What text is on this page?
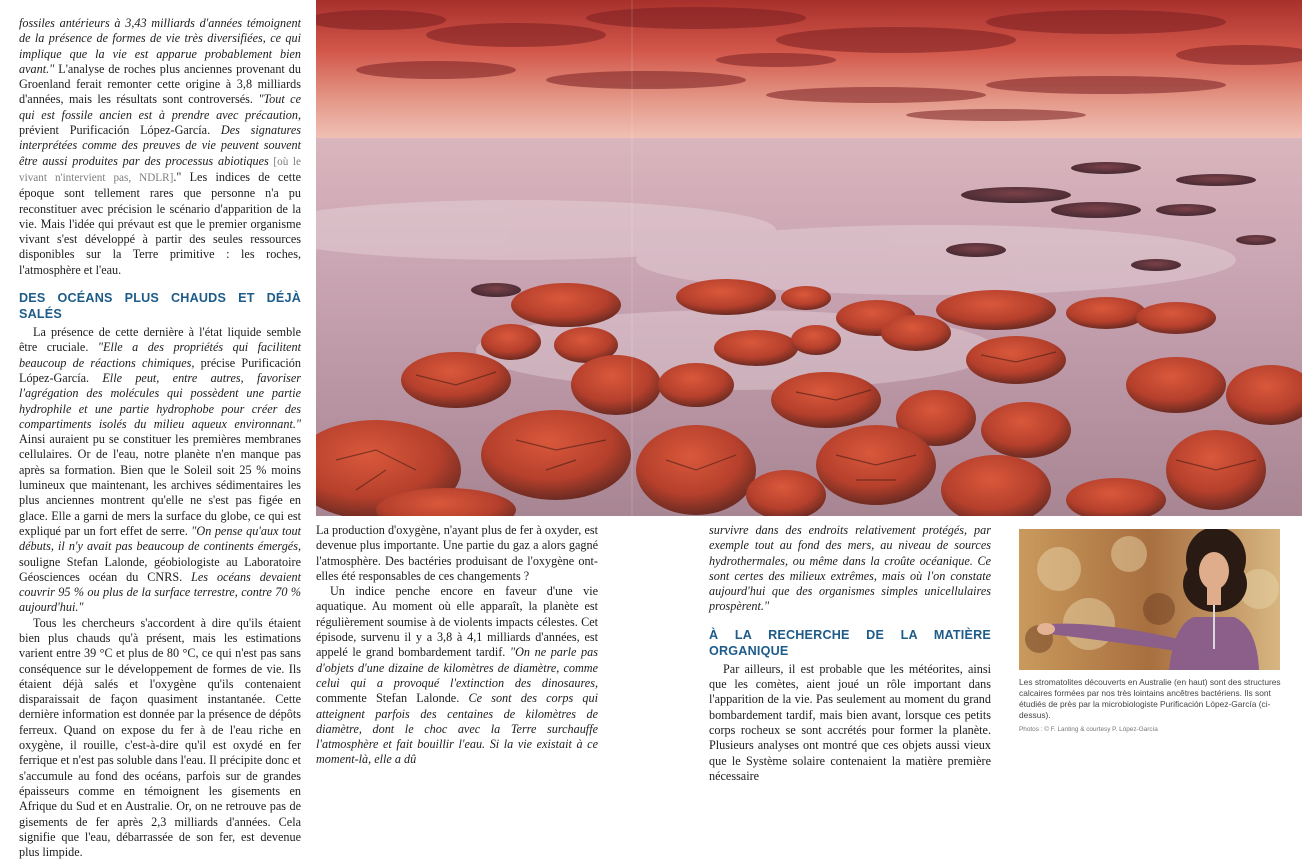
fossiles antérieurs à 3,43 milliards d'années témoignent de la présence de formes de vie très diversifiées, ce qui implique que la vie est apparue probablement bien avant." L'analyse de roches plus anciennes provenant du Groenland ferait remonter cette origine à 3,8 milliards d'années, mais les résultats sont controversés. "Tout ce qui est fossile ancien est à prendre avec précaution, prévient Purificación López-García. Des signatures interprétées comme des preuves de vie peuvent souvent être aussi produites par des processus abiotiques [où le vivant n'intervient pas, NDLR]." Les indices de cette époque sont tellement rares que personne n'a pu reconstituer avec précision le scénario d'apparition de la vie. Mais l'idée qui prévaut est que le premier organisme vivant s'est développé à partir des seules ressources disponibles sur la Terre primitive : les roches, l'atmosphère et l'eau.

DES OCÉANS PLUS CHAUDS ET DÉJÀ SALÉS

La présence de cette dernière à l'état liquide semble être cruciale. "Elle a des propriétés qui facilitent beaucoup de réactions chimiques, précise Purificación López-García. Elle peut, entre autres, favoriser l'agrégation des molécules qui possèdent une partie hydrophile et une partie hydrophobe pour créer des compartiments isolés du milieu aqueux environnant." Ainsi auraient pu se constituer les premières membranes cellulaires. Or de l'eau, notre planète n'en manque pas après sa formation. Bien que le Soleil soit 25 % moins lumineux que maintenant, les archives sédimentaires les plus anciennes montrent qu'elle ne s'est pas figée en glace. Elle a garni de mers la surface du globe, ce qui est expliqué par un fort effet de serre. "On pense qu'aux tout débuts, il n'y avait pas beaucoup de continents émergés, souligne Stefan Lalonde, géobiologiste au Laboratoire Géosciences océan du CNRS. Les océans devaient couvrir 95 % ou plus de la surface terrestre, contre 70 % aujourd'hui."

Tous les chercheurs s'accordent à dire qu'ils étaient bien plus chauds qu'à présent, mais les estimations varient entre 39 °C et plus de 80 °C, ce qui n'est pas sans conséquence sur le développement de formes de vie. Ils étaient déjà salés et l'oxygène qu'ils contenaient disparaissait de façon quasiment instantanée. Cette dernière information est donnée par la présence de dépôts ferreux. Quand on expose du fer à de l'eau riche en oxygène, il rouille, c'est-à-dire qu'il est oxydé en fer ferrique et n'est pas soluble dans l'eau. Il précipite donc et s'accumule au fond des océans, parfois sur de grandes épaisseurs comme en témoignent les gisements en Afrique du Sud et en Australie. Or, on ne retrouve pas de gisements de fer après 2,3 milliards d'années. Cela signifie que l'eau, débarrassée de son fer, est devenue plus limpide.

La production d'oxygène, n'ayant plus de fer à oxyder, est devenue plus importante. Une partie du gaz a alors gagné l'atmosphère. Des bactéries produisant de l'oxygène ont-elles été responsables de ces changements ?

Un indice penche encore en faveur d'une vie aquatique. Au moment où elle apparaît, la planète est régulièrement soumise à de violents impacts célestes. Cet épisode, survenu il y a 3,8 à 4,1 milliards d'années, est appelé le grand bombardement tardif. "On ne parle pas d'objets d'une dizaine de kilomètres de diamètre, comme celui qui a provoqué l'extinction des dinosaures, commente Stefan Lalonde. Ce sont des corps qui atteignent parfois des centaines de kilomètres de diamètre, dont le choc avec la Terre surchauffe l'atmosphère et fait bouillir l'eau. Si la vie existait à ce moment-là, elle a dû

survivre dans des endroits relativement protégés, par exemple tout au fond des mers, au niveau de sources hydrothermales, ou même dans la croûte océanique. Ce sont certes des milieux extrêmes, mais où l'on constate aujourd'hui que des organismes simples unicellulaires prospèrent."

À LA RECHERCHE DE LA MATIÈRE ORGANIQUE

Par ailleurs, il est probable que les météorites, ainsi que les comètes, aient joué un rôle important dans l'apparition de la vie. Pas seulement au moment du grand bombardement tardif, mais bien avant, lorsque ces petits corps rocheux se sont accrétés pour former la planète. Plusieurs analyses ont montré que ces objets aussi vieux que le Système solaire contenaient la matière première nécessaire

Les stromatolites découverts en Australie (en haut) sont des structures calcaires formées par nos très lointains ancêtres bactériens. Ils sont étudiés de près par la microbiologiste Purificación López-García (ci-dessus).
Photos : © F. Lanting & courtesy P. López-García
